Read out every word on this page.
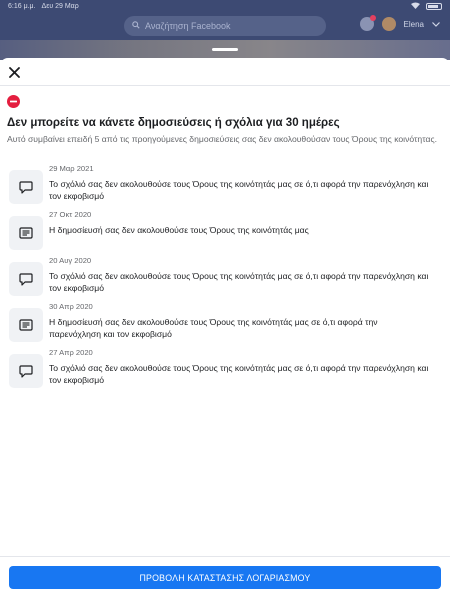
6:16 μ.μ. Δευ 29 Μαρ
Αναζήτηση Facebook	Elena
Δεν μπορείτε να κάνετε δημοσιεύσεις ή σχόλια για 30 ημέρες
Αυτό συμβαίνει επειδή 5 από τις προηγούμενες δημοσιεύσεις σας δεν ακολουθούσαν τους Όρους της κοινότητας.
29 Μαρ 2021
Το σχόλιό σας δεν ακολουθούσε τους Όρους της κοινότητάς μας σε ό,τι αφορά την παρενόχληση και τον εκφοβισμό
27 Οκτ 2020
Η δημοσίευσή σας δεν ακολουθούσε τους Όρους της κοινότητάς μας
20 Αυγ 2020
Το σχόλιό σας δεν ακολουθούσε τους Όρους της κοινότητάς μας σε ό,τι αφορά την παρενόχληση και τον εκφοβισμό
30 Απρ 2020
Η δημοσίευσή σας δεν ακολουθούσε τους Όρους της κοινότητάς μας σε ό,τι αφορά την παρενόχληση και τον εκφοβισμό
27 Απρ 2020
Το σχόλιό σας δεν ακολουθούσε τους Όρους της κοινότητάς μας σε ό,τι αφορά την παρενόχληση και τον εκφοβισμό
ΠΡΟΒΟΛΗ ΚΑΤΑΣΤΑΣΗΣ ΛΟΓΑΡΙΑΣΜΟΥ
